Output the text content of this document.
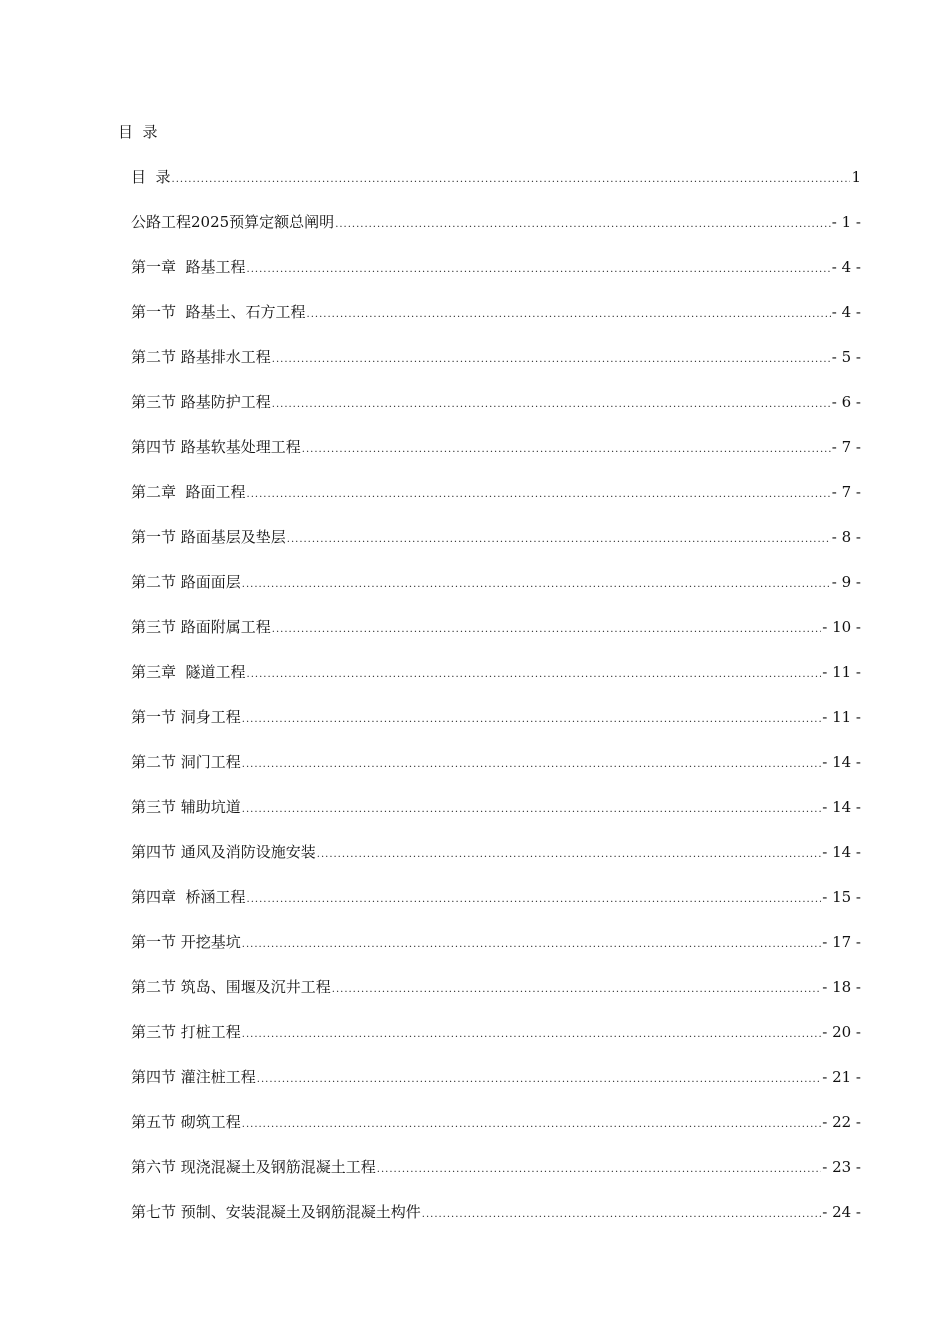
目  录
目  录 .....	1
公路工程2025预算定额总阐明 .....	- 1 -
第一章  路基工程 .....	- 4 -
第一节  路基土、石方工程 .....	- 4 -
第二节 路基排水工程 .....	- 5 -
第三节 路基防护工程 .....	- 6 -
第四节 路基软基处理工程 .....	- 7 -
第二章  路面工程 .....	- 7 -
第一节 路面基层及垫层 .....	- 8 -
第二节 路面面层 .....	- 9 -
第三节 路面附属工程 .....	- 10 -
第三章  隧道工程 .....	- 11 -
第一节 洞身工程 .....	- 11 -
第二节 洞门工程 .....	- 14 -
第三节 辅助坑道 .....	- 14 -
第四节 通风及消防设施安装 .....	- 14 -
第四章  桥涵工程 .....	- 15 -
第一节 开挖基坑 .....	- 17 -
第二节 筑岛、围堰及沉井工程 .....	- 18 -
第三节 打桩工程 .....	- 20 -
第四节 灌注桩工程 .....	- 21 -
第五节 砌筑工程 .....	- 22 -
第六节 现浇混凝土及钢筋混凝土工程 .....	- 23 -
第七节 预制、安装混凝土及钢筋混凝土构件 .....	- 24 -
